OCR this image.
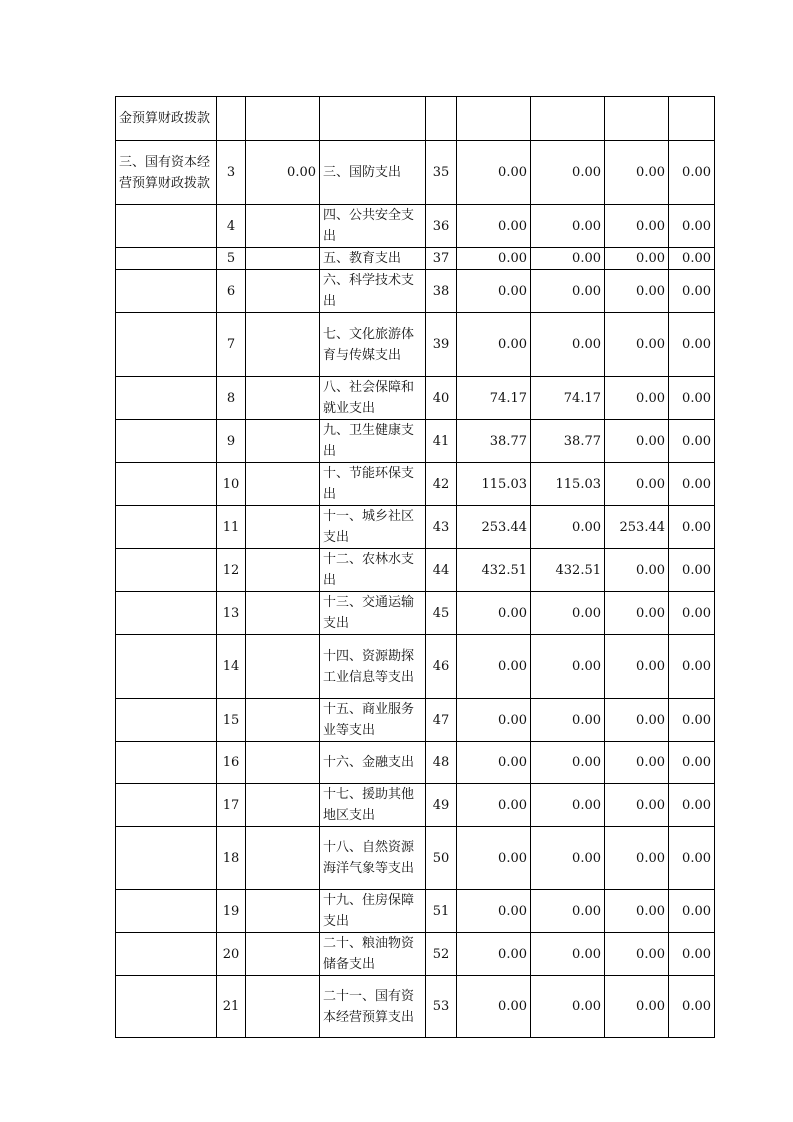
金预算财政拨款								
三、国有资本经营预算财政拨款	3	0.00	三、国防支出	35	0.00	0.00	0.00	0.00
	4		四、公共安全支出	36	0.00	0.00	0.00	0.00
	5		五、教育支出	37	0.00	0.00	0.00	0.00
	6		六、科学技术支出	38	0.00	0.00	0.00	0.00
	7		七、文化旅游体育与传媒支出	39	0.00	0.00	0.00	0.00
	8		八、社会保障和就业支出	40	74.17	74.17	0.00	0.00
	9		九、卫生健康支出	41	38.77	38.77	0.00	0.00
	10		十、节能环保支出	42	115.03	115.03	0.00	0.00
	11		十一、城乡社区支出	43	253.44	0.00	253.44	0.00
	12		十二、农林水支出	44	432.51	432.51	0.00	0.00
	13		十三、交通运输支出	45	0.00	0.00	0.00	0.00
	14		十四、资源勘探工业信息等支出	46	0.00	0.00	0.00	0.00
	15		十五、商业服务业等支出	47	0.00	0.00	0.00	0.00
	16		十六、金融支出	48	0.00	0.00	0.00	0.00
	17		十七、援助其他地区支出	49	0.00	0.00	0.00	0.00
	18		十八、自然资源海洋气象等支出	50	0.00	0.00	0.00	0.00
	19		十九、住房保障支出	51	0.00	0.00	0.00	0.00
	20		二十、粮油物资储备支出	52	0.00	0.00	0.00	0.00
	21		二十一、国有资本经营预算支出	53	0.00	0.00	0.00	0.00
